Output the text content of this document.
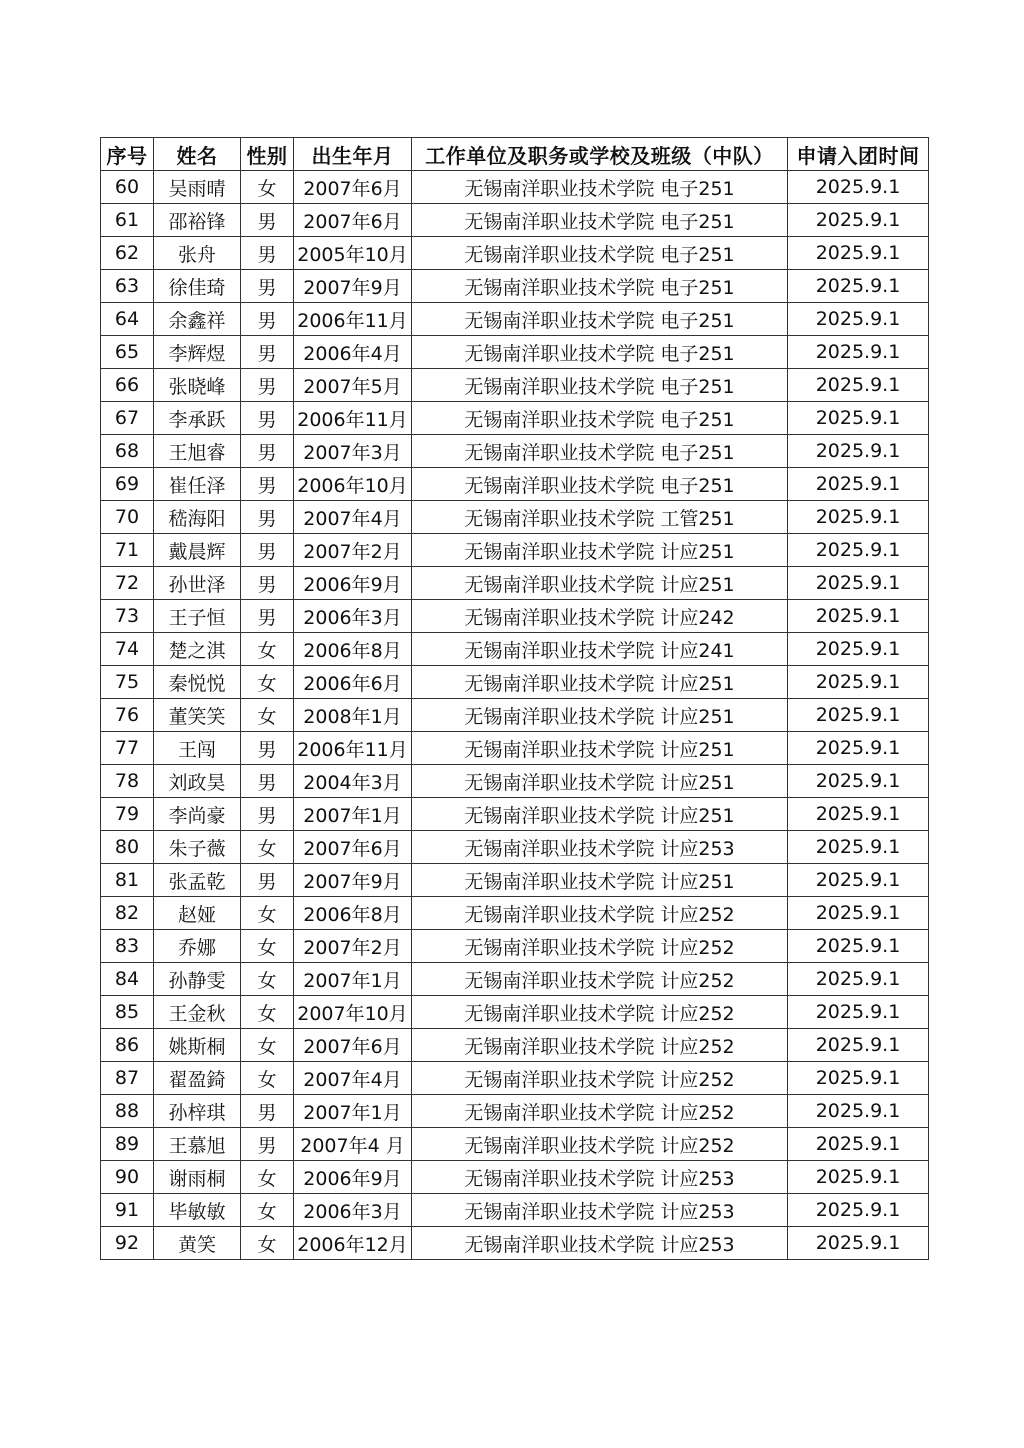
序号	姓名	性别	出生年月	工作单位及职务或学校及班级（中队）	申请入团时间
60	吴雨晴	女	2007年6月	无锡南洋职业技术学院 电子251	2025.9.1
61	邵裕锋	男	2007年6月	无锡南洋职业技术学院 电子251	2025.9.1
62	张舟	男	2005年10月	无锡南洋职业技术学院 电子251	2025.9.1
63	徐佳琦	男	2007年9月	无锡南洋职业技术学院 电子251	2025.9.1
64	余鑫祥	男	2006年11月	无锡南洋职业技术学院 电子251	2025.9.1
65	李辉煜	男	2006年4月	无锡南洋职业技术学院 电子251	2025.9.1
66	张晓峰	男	2007年5月	无锡南洋职业技术学院 电子251	2025.9.1
67	李承跃	男	2006年11月	无锡南洋职业技术学院 电子251	2025.9.1
68	王旭睿	男	2007年3月	无锡南洋职业技术学院 电子251	2025.9.1
69	崔任泽	男	2006年10月	无锡南洋职业技术学院 电子251	2025.9.1
70	嵇海阳	男	2007年4月	无锡南洋职业技术学院 工管251	2025.9.1
71	戴晨辉	男	2007年2月	无锡南洋职业技术学院 计应251	2025.9.1
72	孙世泽	男	2006年9月	无锡南洋职业技术学院 计应251	2025.9.1
73	王子恒	男	2006年3月	无锡南洋职业技术学院 计应242	2025.9.1
74	楚之淇	女	2006年8月	无锡南洋职业技术学院 计应241	2025.9.1
75	秦悦悦	女	2006年6月	无锡南洋职业技术学院 计应251	2025.9.1
76	董笑笑	女	2008年1月	无锡南洋职业技术学院 计应251	2025.9.1
77	王闯	男	2006年11月	无锡南洋职业技术学院 计应251	2025.9.1
78	刘政昊	男	2004年3月	无锡南洋职业技术学院 计应251	2025.9.1
79	李尚豪	男	2007年1月	无锡南洋职业技术学院 计应251	2025.9.1
80	朱子薇	女	2007年6月	无锡南洋职业技术学院 计应253	2025.9.1
81	张孟乾	男	2007年9月	无锡南洋职业技术学院 计应251	2025.9.1
82	赵娅	女	2006年8月	无锡南洋职业技术学院 计应252	2025.9.1
83	乔娜	女	2007年2月	无锡南洋职业技术学院 计应252	2025.9.1
84	孙静雯	女	2007年1月	无锡南洋职业技术学院 计应252	2025.9.1
85	王金秋	女	2007年10月	无锡南洋职业技术学院 计应252	2025.9.1
86	姚斯桐	女	2007年6月	无锡南洋职业技术学院 计应252	2025.9.1
87	翟盈錡	女	2007年4月	无锡南洋职业技术学院 计应252	2025.9.1
88	孙梓琪	男	2007年1月	无锡南洋职业技术学院 计应252	2025.9.1
89	王慕旭	男	2007年4 月	无锡南洋职业技术学院 计应252	2025.9.1
90	谢雨桐	女	2006年9月	无锡南洋职业技术学院 计应253	2025.9.1
91	毕敏敏	女	2006年3月	无锡南洋职业技术学院 计应253	2025.9.1
92	黄笑	女	2006年12月	无锡南洋职业技术学院 计应253	2025.9.1
